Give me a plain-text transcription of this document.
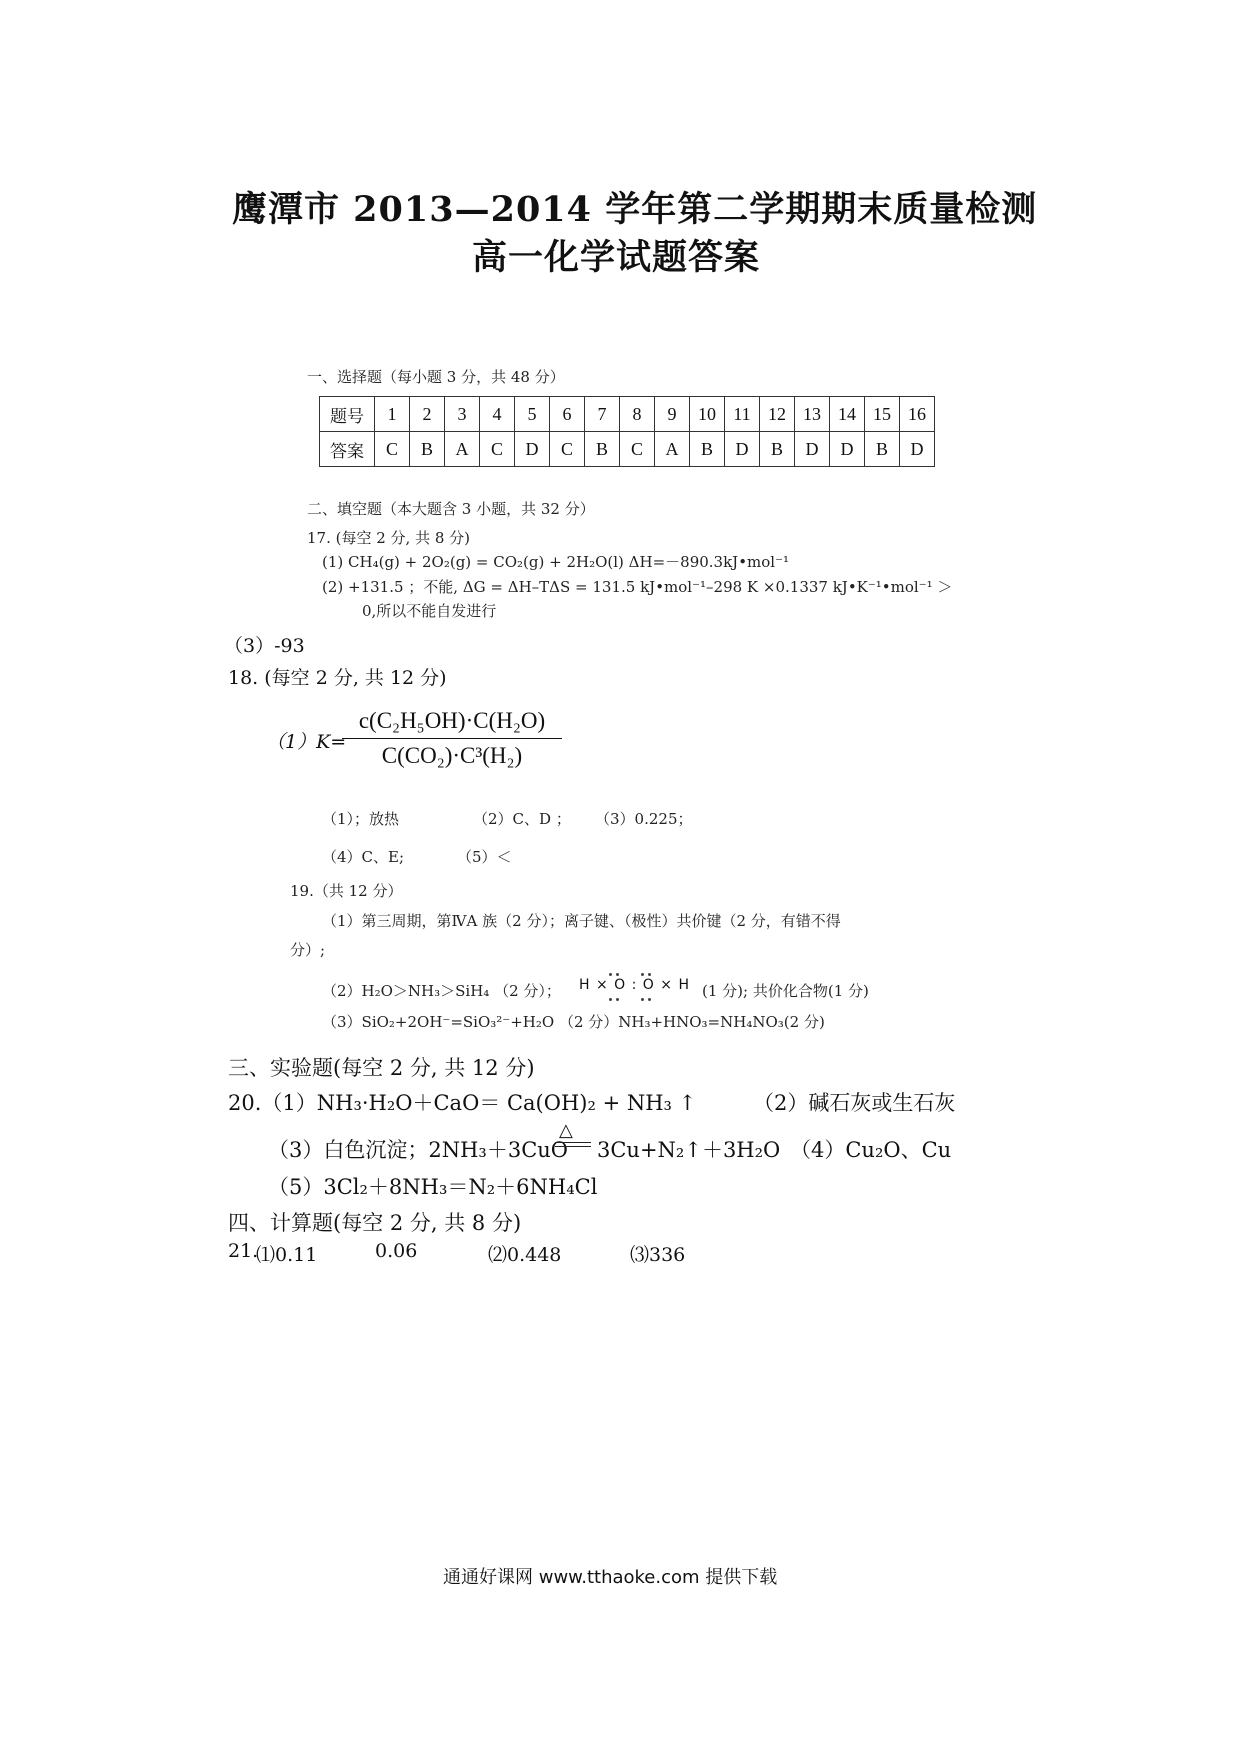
鹰潭市 2013—2014 学年第二学期期末质量检测
高一化学试题答案
一、选择题（每小题 3 分，共 48 分）
题号	1	2	3	4	5	6	7	8	9	10	11	12	13	14	15	16
答案	C	B	A	C	D	C	B	C	A	B	D	B	D	D	B	D
二、填空题（本大题含 3 小题，共 32 分）
17. (每空 2 分, 共 8 分)
(1) CH₄(g) + 2O₂(g) = CO₂(g) + 2H₂O(l) ΔH=－890.3kJ•mol⁻¹
(2) +131.5 ；不能, ΔG = ΔH–TΔS = 131.5 kJ•mol⁻¹–298 K ×0.1337 kJ•K⁻¹•mol⁻¹ ＞
0,所以不能自发进行
（3）-93
18. (每空 2 分, 共 12 分)
（1）K=
$\frac{\text{c(C₂H₅OH)·C(H₂O)}}{\text{C(CO₂)·C³(H₂)}}$
（1）；放热	（2）C、D ； （3）0.225；
（4）C、E;	（5）＜
19.（共 12 分）
（1）第三周期，第ⅣA 族（2 分）；离子键、（极性）共价键（2 分，有错不得
分）;
（2）H₂O＞NH₃＞SiH₄ （2 分）； H × O : O × H (1 分); 共价化合物(1 分)
（3）SiO₂+2OH⁻=SiO₃²⁻+H₂O （2 分）NH₃+HNO₃=NH₄NO₃(2 分)
三、实验题(每空 2 分, 共 12 分)
20.（1）NH₃·H₂O＋CaO＝ Ca(OH)₂ + NH₃ ↑	（2）碱石灰或生石灰
（3）白色沉淀；2NH₃＋3CuO
△
3Cu+N₂↑＋3H₂O （4）Cu₂O、Cu
（5）3Cl₂＋8NH₃＝N₂＋6NH₄Cl
四、计算题(每空 2 分, 共 8 分)
21.
⑴0.11	0.06	⑵0.448	⑶336
通通好课网 www.tthaoke.com 提供下载
